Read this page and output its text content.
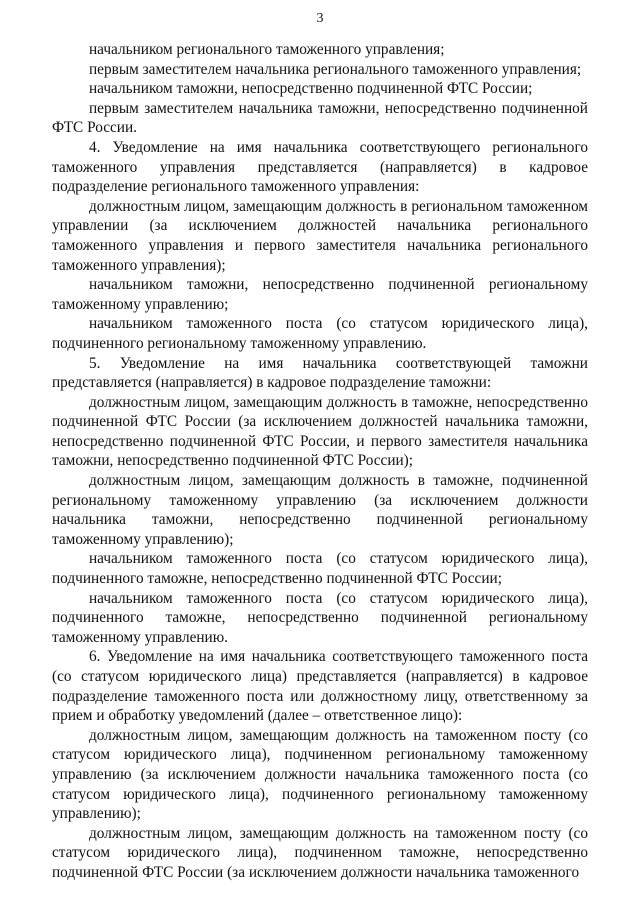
3

начальником регионального таможенного управления;

первым заместителем начальника регионального таможенного управления;

начальником таможни, непосредственно подчиненной ФТС России;

первым заместителем начальника таможни, непосредственно подчиненной ФТС России.

4. Уведомление на имя начальника соответствующего регионального таможенного управления представляется (направляется) в кадровое подразделение регионального таможенного управления:

должностным лицом, замещающим должность в региональном таможенном управлении (за исключением должностей начальника регионального таможенного управления и первого заместителя начальника регионального таможенного управления);

начальником таможни, непосредственно подчиненной региональному таможенному управлению;

начальником таможенного поста (со статусом юридического лица), подчиненного региональному таможенному управлению.

5. Уведомление на имя начальника соответствующей таможни представляется (направляется) в кадровое подразделение таможни:

должностным лицом, замещающим должность в таможне, непосредственно подчиненной ФТС России (за исключением должностей начальника таможни, непосредственно подчиненной ФТС России, и первого заместителя начальника таможни, непосредственно подчиненной ФТС России);

должностным лицом, замещающим должность в таможне, подчиненной региональному таможенному управлению (за исключением должности начальника таможни, непосредственно подчиненной региональному таможенному управлению);

начальником таможенного поста (со статусом юридического лица), подчиненного таможне, непосредственно подчиненной ФТС России;

начальником таможенного поста (со статусом юридического лица), подчиненного таможне, непосредственно подчиненной региональному таможенному управлению.

6. Уведомление на имя начальника соответствующего таможенного поста (со статусом юридического лица) представляется (направляется) в кадровое подразделение таможенного поста или должностному лицу, ответственному за прием и обработку уведомлений (далее – ответственное лицо):

должностным лицом, замещающим должность на таможенном посту (со статусом юридического лица), подчиненном региональному таможенному управлению (за исключением должности начальника таможенного поста (со статусом юридического лица), подчиненного региональному таможенному управлению);

должностным лицом, замещающим должность на таможенном посту (со статусом юридического лица), подчиненном таможне, непосредственно подчиненной ФТС России (за исключением должности начальника таможенного
